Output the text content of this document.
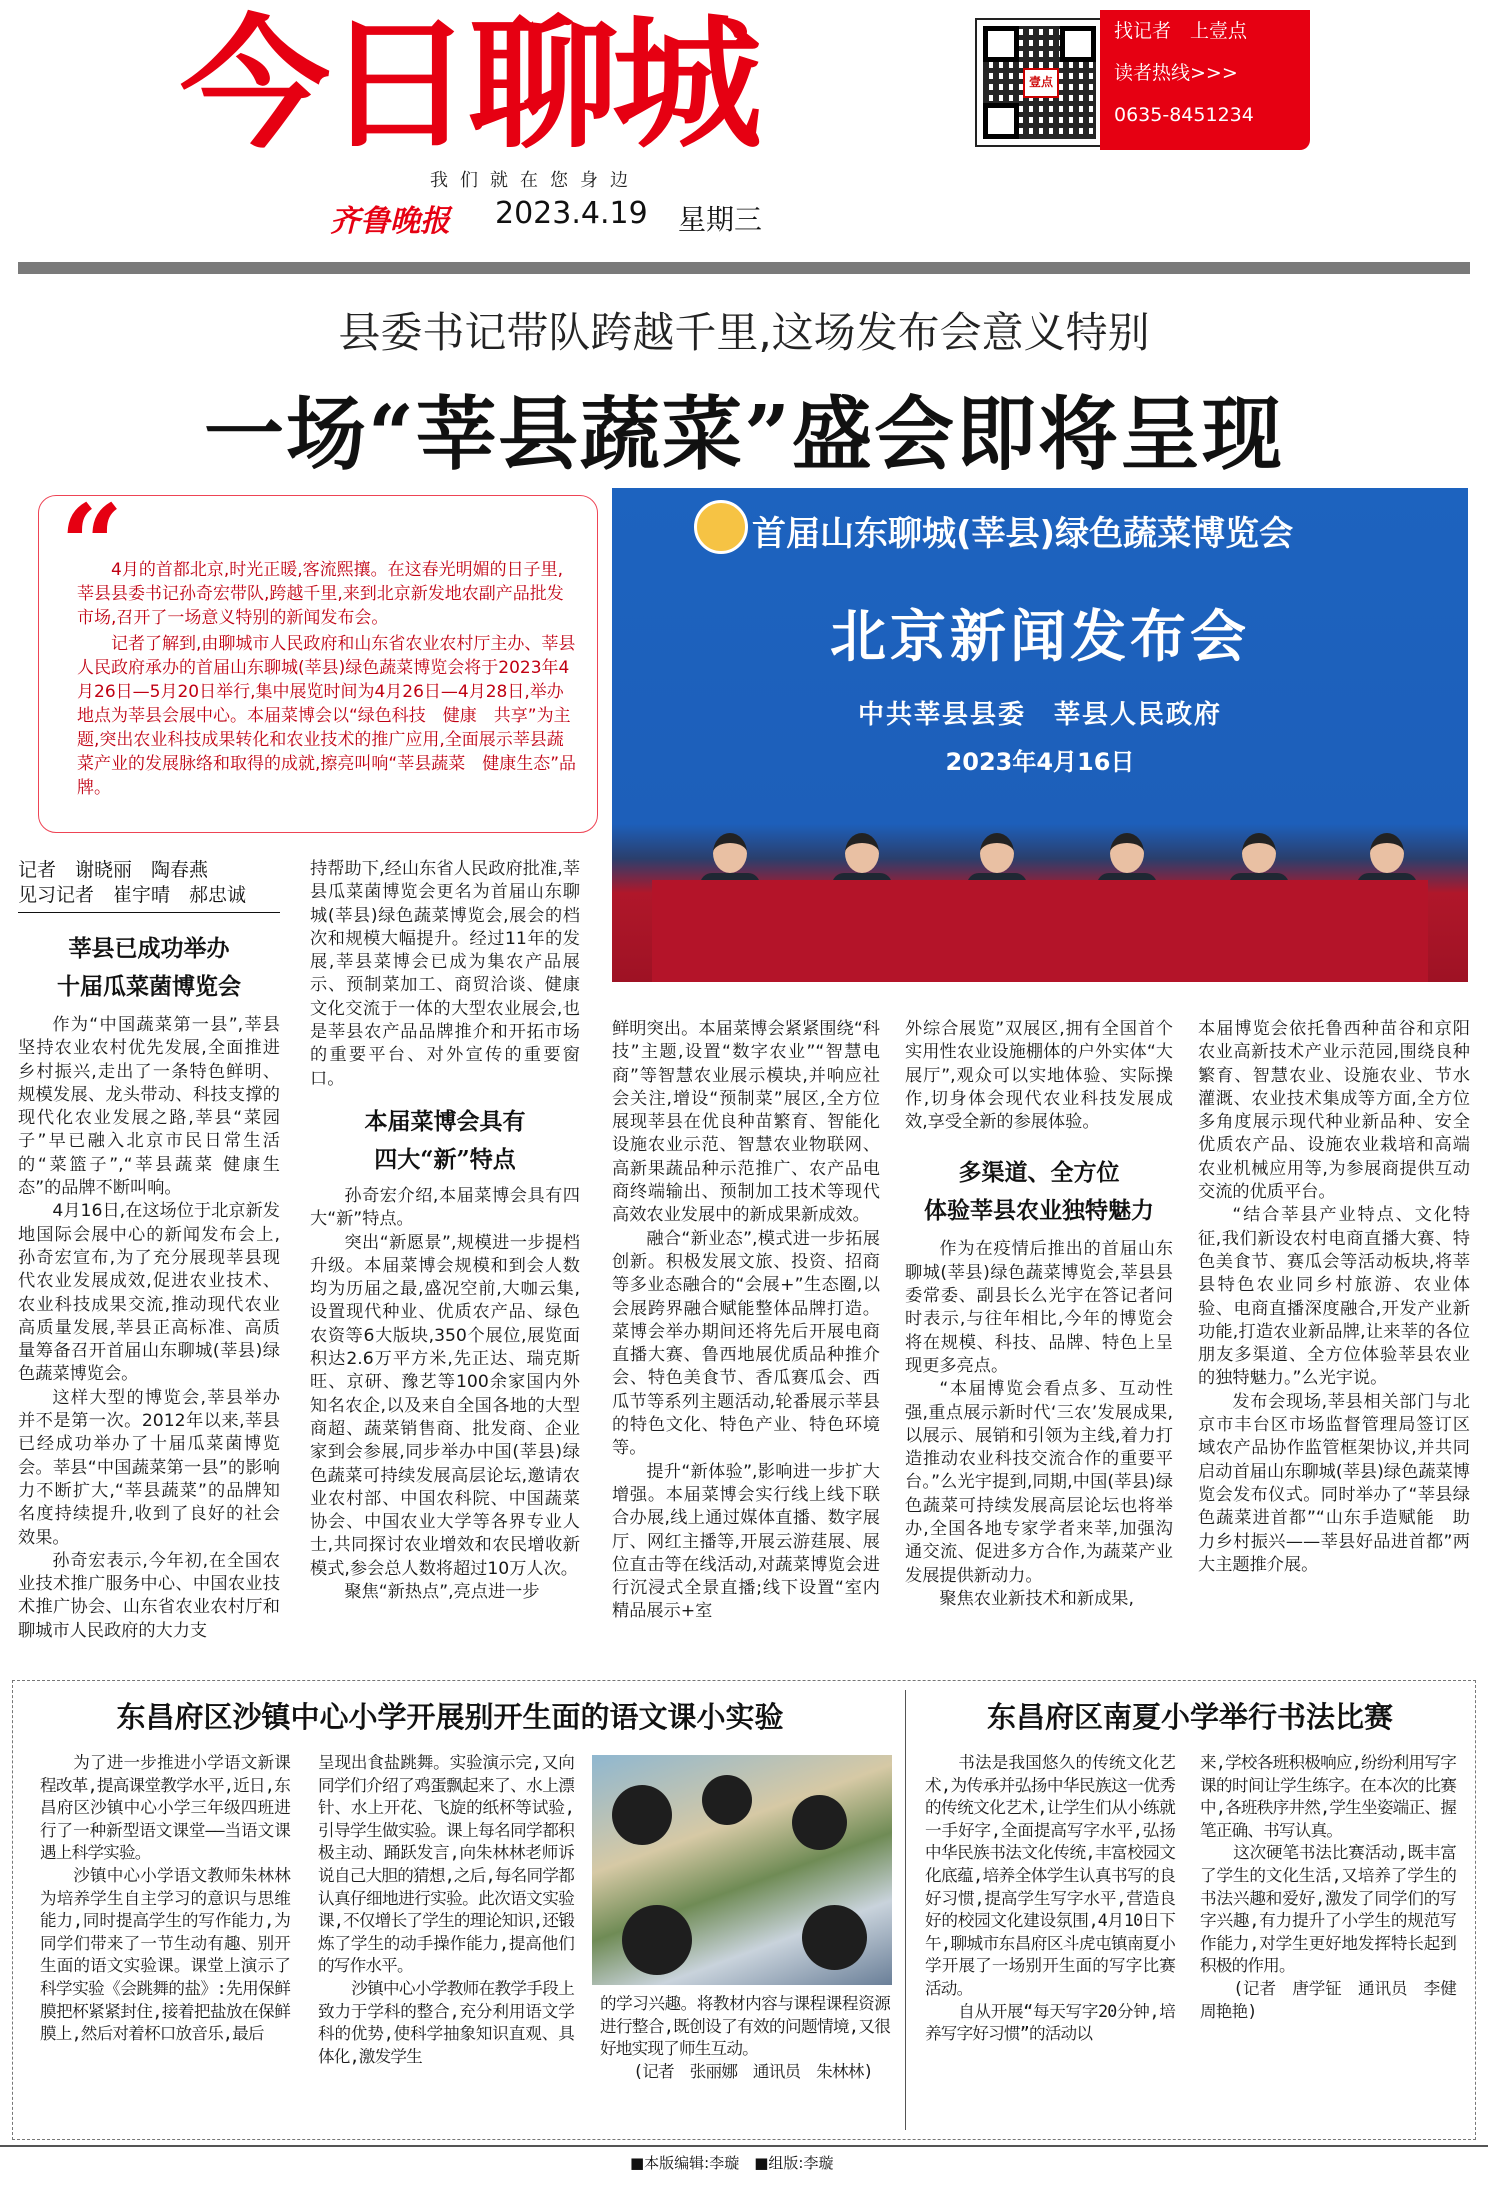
今日聊城	壹点
找记者　上壹点
读者热线>>>
0635-8451234
我们就在您身边
齐鲁晚报 2023.4.19 星期三
县委书记带队跨越千里,这场发布会意义特别
一场“莘县蔬菜”盛会即将呈现

4月的首都北京,时光正暖,客流熙攘。在这春光明媚的日子里,莘县县委书记孙奇宏带队,跨越千里,来到北京新发地农副产品批发市场,召开了一场意义特别的新闻发布会。

记者了解到,由聊城市人民政府和山东省农业农村厅主办、莘县人民政府承办的首届山东聊城(莘县)绿色蔬菜博览会将于2023年4月26日—5月20日举行,集中展览时间为4月26日—4月28日,举办地点为莘县会展中心。本届菜博会以“绿色科技　健康　共享”为主题,突出农业科技成果转化和农业技术的推广应用,全面展示莘县蔬菜产业的发展脉络和取得的成就,擦亮叫响“莘县蔬菜　健康生态”品牌。

“	首届山东聊城(莘县)绿色蔬菜博览会
北京新闻发布会
中共莘县县委　莘县人民政府
2023年4月16日
记者　谢晓丽　陶春燕
见习记者　崔宇晴　郝忠诚
莘县已成功举办
十届瓜菜菌博览会

作为“中国蔬菜第一县”,莘县坚持农业农村优先发展,全面推进乡村振兴,走出了一条特色鲜明、规模发展、龙头带动、科技支撑的现代化农业发展之路,莘县“菜园子”早已融入北京市民日常生活的“菜篮子”,“莘县蔬菜 健康生态”的品牌不断叫响。

4月16日,在这场位于北京新发地国际会展中心的新闻发布会上,孙奇宏宣布,为了充分展现莘县现代农业发展成效,促进农业技术、农业科技成果交流,推动现代农业高质量发展,莘县正高标准、高质量筹备召开首届山东聊城(莘县)绿色蔬菜博览会。

这样大型的博览会,莘县举办并不是第一次。2012年以来,莘县已经成功举办了十届瓜菜菌博览会。莘县“中国蔬菜第一县”的影响力不断扩大,“莘县蔬菜”的品牌知名度持续提升,收到了良好的社会效果。

孙奇宏表示,今年初,在全国农业技术推广服务中心、中国农业技术推广协会、山东省农业农村厅和聊城市人民政府的大力支

持帮助下,经山东省人民政府批准,莘县瓜菜菌博览会更名为首届山东聊城(莘县)绿色蔬菜博览会,展会的档次和规模大幅提升。经过11年的发展,莘县菜博会已成为集农产品展示、预制菜加工、商贸洽谈、健康文化交流于一体的大型农业展会,也是莘县农产品品牌推介和开拓市场的重要平台、对外宣传的重要窗口。

本届菜博会具有
四大“新”特点

孙奇宏介绍,本届菜博会具有四大“新”特点。

突出“新愿景”,规模进一步提档升级。本届菜博会规模和到会人数均为历届之最,盛况空前,大咖云集,设置现代种业、优质农产品、绿色农资等6大版块,350个展位,展览面积达2.6万平方米,先正达、瑞克斯旺、京研、豫艺等100余家国内外知名农企,以及来自全国各地的大型商超、蔬菜销售商、批发商、企业家到会参展,同步举办中国(莘县)绿色蔬菜可持续发展高层论坛,邀请农业农村部、中国农科院、中国蔬菜协会、中国农业大学等各界专业人士,共同探讨农业增效和农民增收新模式,参会总人数将超过10万人次。

聚焦“新热点”,亮点进一步

鲜明突出。本届菜博会紧紧围绕“科技”主题,设置“数字农业”“智慧电商”等智慧农业展示模块,并响应社会关注,增设“预制菜”展区,全方位展现莘县在优良种苗繁育、智能化设施农业示范、智慧农业物联网、高新果蔬品种示范推广、农产品电商终端输出、预制加工技术等现代高效农业发展中的新成果新成效。

融合“新业态”,模式进一步拓展创新。积极发展文旅、投资、招商等多业态融合的“会展+”生态圈,以会展跨界融合赋能整体品牌打造。菜博会举办期间还将先后开展电商直播大赛、鲁西地展优质品种推介会、特色美食节、香瓜赛瓜会、西瓜节等系列主题活动,轮番展示莘县的特色文化、特色产业、特色环境等。

提升“新体验”,影响进一步扩大增强。本届菜博会实行线上线下联合办展,线上通过媒体直播、数字展厅、网红主播等,开展云游莛展、展位直击等在线活动,对蔬菜博览会进行沉浸式全景直播;线下设置“室内精品展示+室

外综合展览”双展区,拥有全国首个实用性农业设施棚体的户外实体“大展厅”,观众可以实地体验、实际操作,切身体会现代农业科技发展成效,享受全新的参展体验。

多渠道、全方位
体验莘县农业独特魅力

作为在疫情后推出的首届山东聊城(莘县)绿色蔬菜博览会,莘县县委常委、副县长么光宇在答记者问时表示,与往年相比,今年的博览会将在规模、科技、品牌、特色上呈现更多亮点。

“本届博览会看点多、互动性强,重点展示新时代‘三农’发展成果,以展示、展销和引领为主线,着力打造推动农业科技交流合作的重要平台。”么光宇提到,同期,中国(莘县)绿色蔬菜可持续发展高层论坛也将举办,全国各地专家学者来莘,加强沟通交流、促进多方合作,为蔬菜产业发展提供新动力。

聚焦农业新技术和新成果,

本届博览会依托鲁西种苗谷和京阳农业高新技术产业示范园,围绕良种繁育、智慧农业、设施农业、节水灌溉、农业技术集成等方面,全方位多角度展示现代种业新品种、安全优质农产品、设施农业栽培和高端农业机械应用等,为参展商提供互动交流的优质平台。

“结合莘县产业特点、文化特征,我们新设农村电商直播大赛、特色美食节、赛瓜会等活动板块,将莘县特色农业同乡村旅游、农业体验、电商直播深度融合,开发产业新功能,打造农业新品牌,让来莘的各位朋友多渠道、全方位体验莘县农业的独特魅力。”么光宇说。

发布会现场,莘县相关部门与北京市丰台区市场监督管理局签订区域农产品协作监管框架协议,并共同启动首届山东聊城(莘县)绿色蔬菜博览会发布仪式。同时举办了“莘县绿色蔬菜进首都”“山东手造赋能　助力乡村振兴——莘县好品进首都”两大主题推介展。

东昌府区沙镇中心小学开展别开生面的语文课小实验

为了进一步推进小学语文新课程改革,提高课堂教学水平,近日,东昌府区沙镇中心小学三年级四班进行了一种新型语文课堂——当语文课遇上科学实验。

沙镇中心小学语文教师朱林林为培养学生自主学习的意识与思维能力,同时提高学生的写作能力,为同学们带来了一节生动有趣、别开生面的语文实验课。课堂上演示了科学实验《会跳舞的盐》:先用保鲜膜把杯紧紧封住,接着把盐放在保鲜膜上,然后对着杯口放音乐,最后

呈现出食盐跳舞。实验演示完,又向同学们介绍了鸡蛋飘起来了、水上漂针、水上开花、飞旋的纸杯等试验,引导学生做实验。课上每名同学都积极主动、踊跃发言,向朱林林老师诉说自己大胆的猜想,之后,每名同学都认真仔细地进行实验。此次语文实验课,不仅增长了学生的理论知识,还锻炼了学生的动手操作能力,提高他们的写作水平。

沙镇中心小学教师在教学手段上致力于学科的整合,充分利用语文学科的优势,使科学抽象知识直观、具体化,激发学生

的学习兴趣。将教材内容与课程课程资源进行整合,既创设了有效的问题情境,又很好地实现了师生互动。

(记者　张丽娜　通讯员　朱林林)

东昌府区南夏小学举行书法比赛

书法是我国悠久的传统文化艺术,为传承并弘扬中华民族这一优秀的传统文化艺术,让学生们从小练就一手好字,全面提高写字水平,弘扬中华民族书法文化传统,丰富校园文化底蕴,培养全体学生认真书写的良好习惯,提高学生写字水平,营造良好的校园文化建设氛围,4月10日下午,聊城市东昌府区斗虎屯镇南夏小学开展了一场别开生面的写字比赛活动。

自从开展“每天写字20分钟,培养写字好习惯”的活动以

来,学校各班积极响应,纷纷利用写字课的时间让学生练字。在本次的比赛中,各班秩序井然,学生坐姿端正、握笔正确、书写认真。

这次硬笔书法比赛活动,既丰富了学生的文化生活,又培养了学生的书法兴趣和爱好,激发了同学们的写字兴趣,有力提升了小学生的规范写作能力,对学生更好地发挥特长起到积极的作用。

(记者　唐学钲　通讯员　李健　周艳艳)

■本版编辑:李璇　■组版:李璇
